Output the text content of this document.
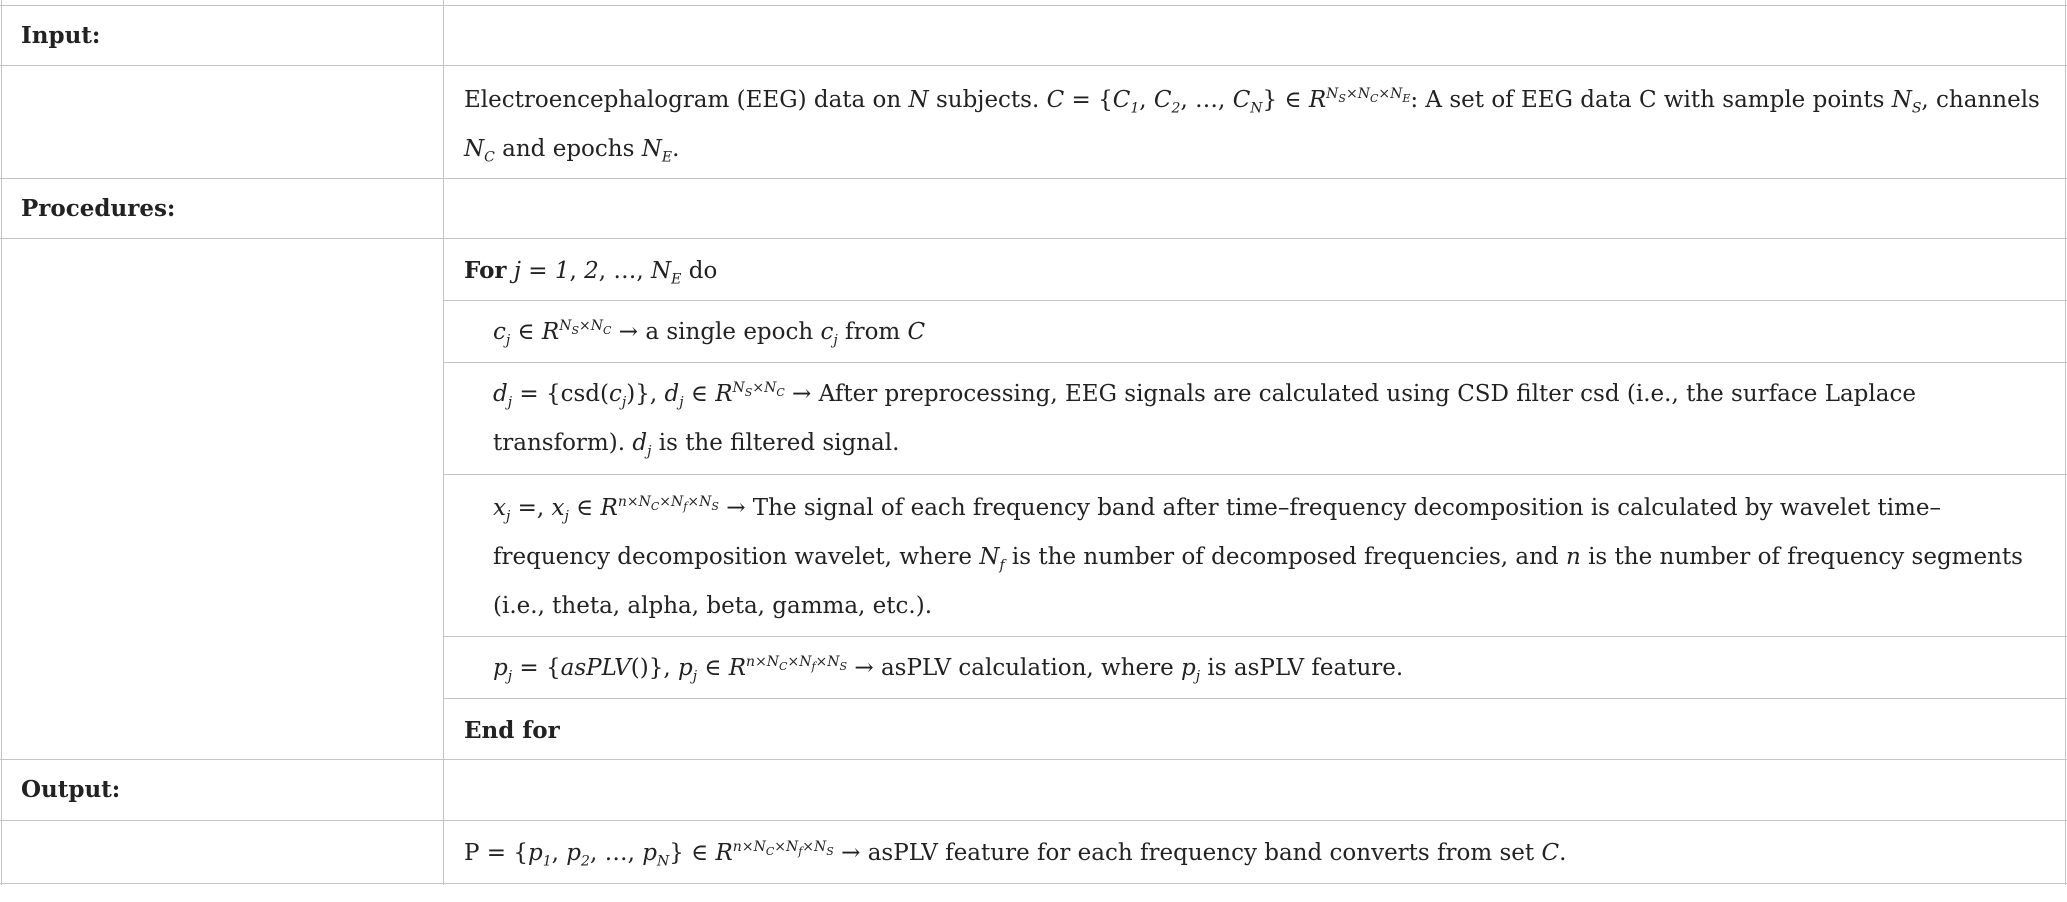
Input:
Procedures:
Output:
Electroencephalogram (EEG) data on N subjects. $C = \{C_1$, $C_2$, …, $C_N$} ∈ $R^{N_S\times N_C\times N_E}$: A set of EEG data C with sample points $N_S$, channels $N_C$ and epochs $N_E$.
For j = 1, 2, …, $N_E$ do
$c_j$ ∈ $R^{N_S\times N_C} \to a$ single epoch $c_j$ from C
$d_j = \{csd(c_j)\}$, $d_j$ ∈ $R^{N_S\times N_C}$ → After preprocessing, EEG signals are calculated using CSD filter csd (i.e., the surface Laplace transform). $d_j$ is the filtered signal.
$x_j$ =, $x_j$ ∈ $R^{n\times N_C\times N_f\times N_S}$ → The signal of each frequency band after time–frequency decomposition is calculated by wavelet time–frequency decomposition wavelet, where $N_f$ is the number of decomposed frequencies, and n is the number of frequency segments (i.e., theta, alpha, beta, gamma, etc.).
$p_j$ = {asPLV()}, $p_j$ ∈ $R^{n\times N_C\times N_f\times N_S}$ → asPLV calculation, where $p_j$ is asPLV feature.
End for
$P = \{p_1$, $p_2$, …, $p_N$} ∈ $R^{n\times N_C\times N_f\times N_S}$ → asPLV feature for each frequency band converts from set C.
